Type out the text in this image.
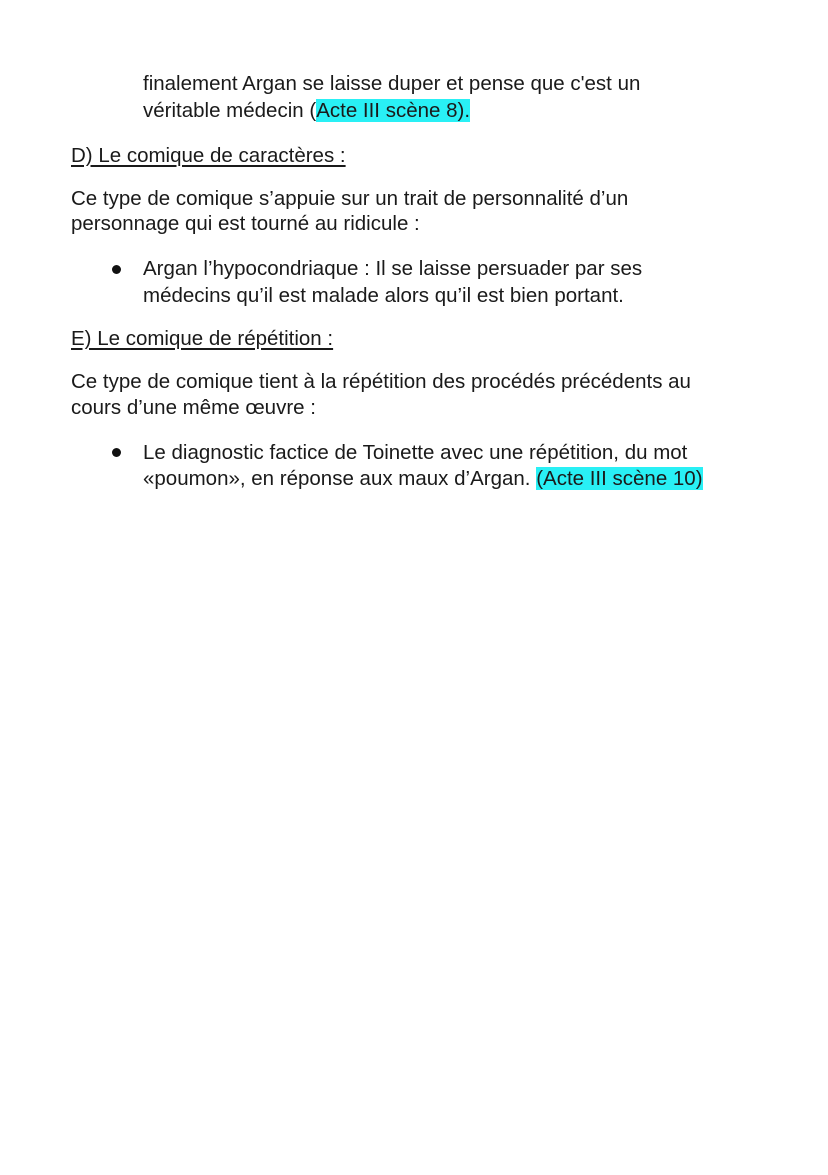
finalement Argan se laisse duper et pense que c'est un
véritable médecin (Acte III scène 8).
D) Le comique de caractères :
Ce type de comique s’appuie sur un trait de personnalité d’un
personnage qui est tourné au ridicule :
Argan l’hypocondriaque : Il se laisse persuader par ses
médecins qu’il est malade alors qu’il est bien portant.
E) Le comique de répétition :
Ce type de comique tient à la répétition des procédés précédents au
cours d’une même œuvre :
Le diagnostic factice de Toinette avec une répétition, du mot
«poumon», en réponse aux maux d’Argan. (Acte III scène 10)
